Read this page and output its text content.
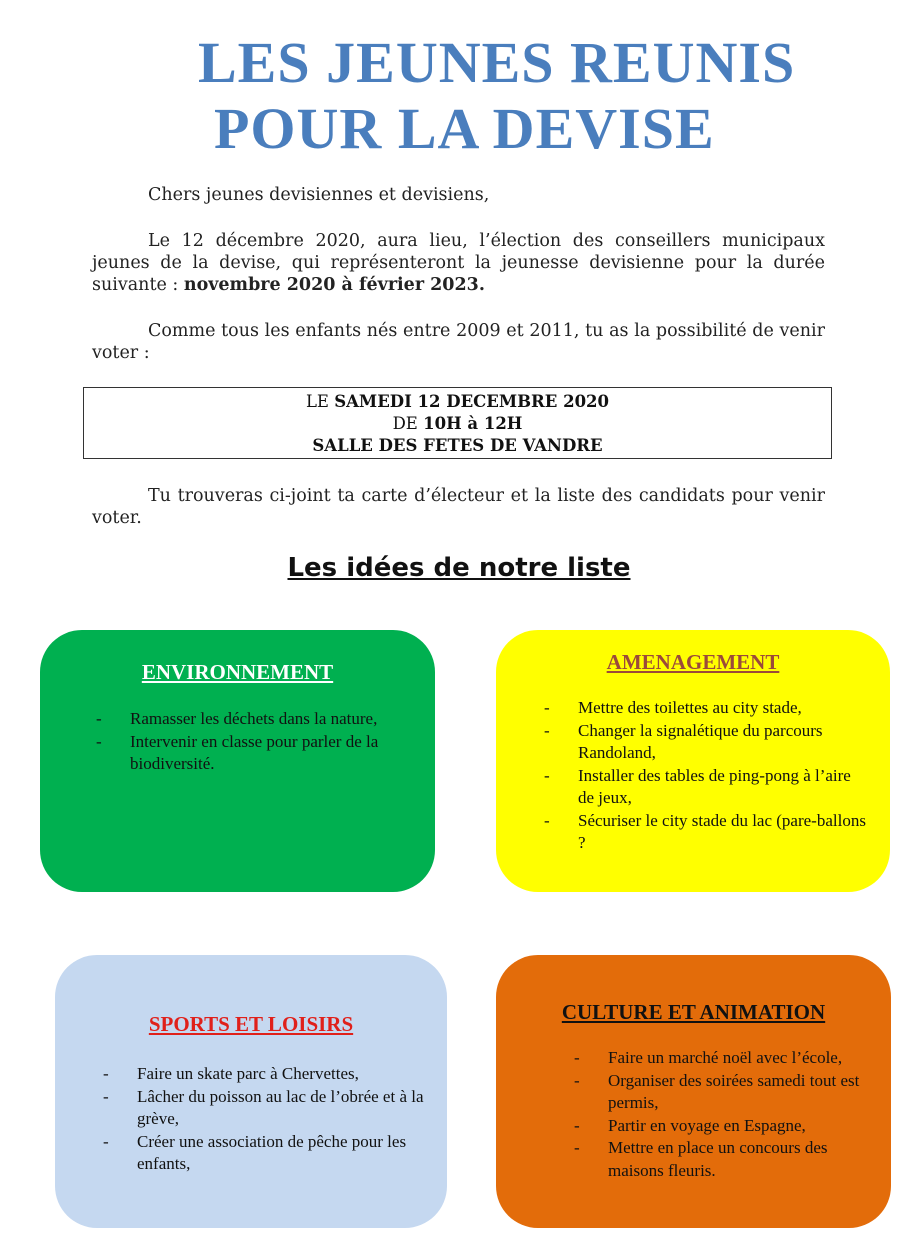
LES JEUNES REUNIS
POUR LA DEVISE

Chers jeunes devisiennes et devisiens,

Le 12 décembre 2020, aura lieu, l’élection des conseillers municipaux jeunes de la devise, qui représenteront la jeunesse devisienne pour la durée suivante : novembre 2020 à février 2023.

Comme tous les enfants nés entre 2009 et 2011, tu as la possibilité de venir voter :

LE SAMEDI 12 DECEMBRE 2020
DE 10H à 12H
SALLE DES FETES DE VANDRE

Tu trouveras ci-joint ta carte d’électeur et la liste des candidats pour venir voter.

Les idées de notre liste
ENVIRONNEMENT
- Ramasser les déchets dans la nature,
- Intervenir en classe pour parler de la biodiversité.
AMENAGEMENT
- Mettre des toilettes au city stade,
- Changer la signalétique du parcours Randoland,
- Installer des tables de ping-pong à l’aire de jeux,
- Sécuriser le city stade du lac (pare-ballons ?
SPORTS ET LOISIRS
- Faire un skate parc à Chervettes,
- Lâcher du poisson au lac de l’obrée et à la grève,
- Créer une association de pêche pour les enfants,
CULTURE ET ANIMATION
- Faire un marché noël avec l’école,
- Organiser des soirées samedi tout est permis,
- Partir en voyage en Espagne,
- Mettre en place un concours des maisons fleuris.
